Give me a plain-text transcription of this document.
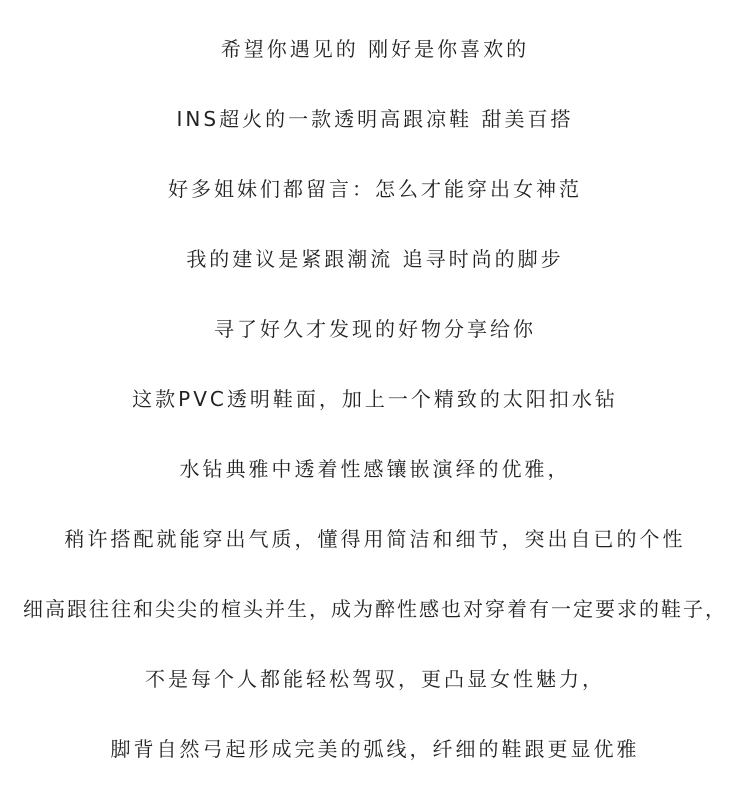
希望你遇见的 刚好是你喜欢的
INS超火的一款透明高跟凉鞋 甜美百搭
好多姐妹们都留言：怎么才能穿出女神范
我的建议是紧跟潮流 追寻时尚的脚步
寻了好久才发现的好物分享给你
这款PVC透明鞋面，加上一个精致的太阳扣水钻
水钻典雅中透着性感镶嵌演绎的优雅，
稍许搭配就能穿出气质，懂得用简洁和细节，突出自已的个性
细高跟往往和尖尖的楦头并生，成为醉性感也对穿着有一定要求的鞋子，
不是每个人都能轻松驾驭，更凸显女性魅力，
脚背自然弓起形成完美的弧线，纤细的鞋跟更显优雅
